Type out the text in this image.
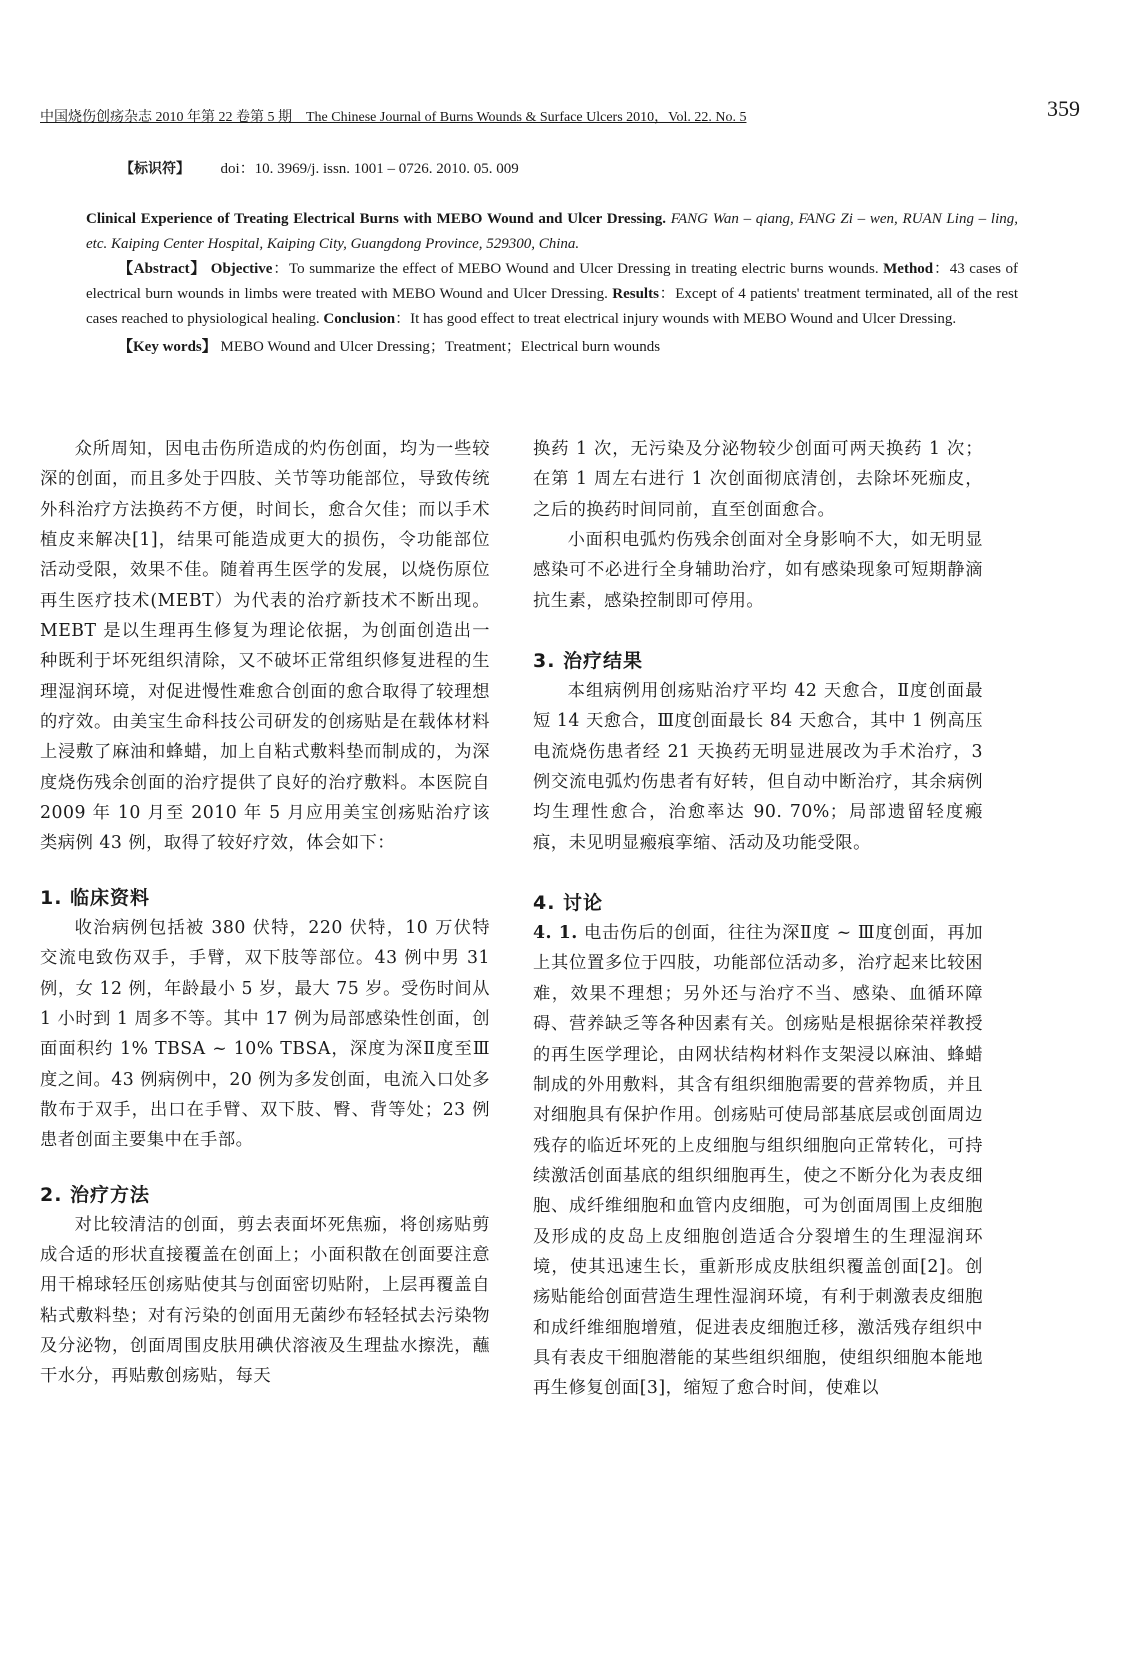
中国烧伤创疡杂志 2010 年第 22 卷第 5 期　The Chinese Journal of Burns Wounds & Surface Ulcers 2010，Vol. 22. No. 5	359
【标识符】 doi：10. 3969/j. issn. 1001 – 0726. 2010. 05. 009

Clinical Experience of Treating Electrical Burns with MEBO Wound and Ulcer Dressing. FANG Wan – qiang, FANG Zi – wen, RUAN Ling – ling, etc. Kaiping Center Hospital, Kaiping City, Guangdong Province, 529300, China.

【Abstract】 Objective：To summarize the effect of MEBO Wound and Ulcer Dressing in treating electric burns wounds. Method：43 cases of electrical burn wounds in limbs were treated with MEBO Wound and Ulcer Dressing. Results：Except of 4 patients' treatment terminated, all of the rest cases reached to physiological healing. Conclusion：It has good effect to treat electrical injury wounds with MEBO Wound and Ulcer Dressing.

【Key words】 MEBO Wound and Ulcer Dressing；Treatment；Electrical burn wounds

众所周知，因电击伤所造成的灼伤创面，均为一些较深的创面，而且多处于四肢、关节等功能部位，导致传统外科治疗方法换药不方便，时间长，愈合欠佳；而以手术植皮来解决[1]，结果可能造成更大的损伤，令功能部位活动受限，效果不佳。随着再生医学的发展，以烧伤原位再生医疗技术(MEBT）为代表的治疗新技术不断出现。MEBT 是以生理再生修复为理论依据，为创面创造出一种既利于坏死组织清除，又不破坏正常组织修复进程的生理湿润环境，对促进慢性难愈合创面的愈合取得了较理想的疗效。由美宝生命科技公司研发的创疡贴是在载体材料上浸敷了麻油和蜂蜡，加上自粘式敷料垫而制成的，为深度烧伤残余创面的治疗提供了良好的治疗敷料。本医院自 2009 年 10 月至 2010 年 5 月应用美宝创疡贴治疗该类病例 43 例，取得了较好疗效，体会如下：

1. 临床资料

收治病例包括被 380 伏特，220 伏特，10 万伏特交流电致伤双手，手臂，双下肢等部位。43 例中男 31 例，女 12 例，年龄最小 5 岁，最大 75 岁。受伤时间从 1 小时到 1 周多不等。其中 17 例为局部感染性创面，创面面积约 1% TBSA ~ 10% TBSA，深度为深Ⅱ度至Ⅲ度之间。43 例病例中，20 例为多发创面，电流入口处多散布于双手，出口在手臂、双下肢、臀、背等处；23 例患者创面主要集中在手部。

2. 治疗方法

对比较清洁的创面，剪去表面坏死焦痂，将创疡贴剪成合适的形状直接覆盖在创面上；小面积散在创面要注意用干棉球轻压创疡贴使其与创面密切贴附，上层再覆盖自粘式敷料垫；对有污染的创面用无菌纱布轻轻拭去污染物及分泌物，创面周围皮肤用碘伏溶液及生理盐水擦洗，蘸干水分，再贴敷创疡贴，每天

换药 1 次，无污染及分泌物较少创面可两天换药 1 次；在第 1 周左右进行 1 次创面彻底清创，去除坏死痂皮，之后的换药时间同前，直至创面愈合。

小面积电弧灼伤残余创面对全身影响不大，如无明显感染可不必进行全身辅助治疗，如有感染现象可短期静滴抗生素，感染控制即可停用。

3. 治疗结果

本组病例用创疡贴治疗平均 42 天愈合，Ⅱ度创面最短 14 天愈合，Ⅲ度创面最长 84 天愈合，其中 1 例高压电流烧伤患者经 21 天换药无明显进展改为手术治疗，3 例交流电弧灼伤患者有好转，但自动中断治疗，其余病例均生理性愈合，治愈率达 90. 70%；局部遗留轻度瘢痕，未见明显瘢痕挛缩、活动及功能受限。

4. 讨论

4. 1. 电击伤后的创面，往往为深Ⅱ度 ~ Ⅲ度创面，再加上其位置多位于四肢，功能部位活动多，治疗起来比较困难，效果不理想；另外还与治疗不当、感染、血循环障碍、营养缺乏等各种因素有关。创疡贴是根据徐荣祥教授的再生医学理论，由网状结构材料作支架浸以麻油、蜂蜡制成的外用敷料，其含有组织细胞需要的营养物质，并且对细胞具有保护作用。创疡贴可使局部基底层或创面周边残存的临近坏死的上皮细胞与组织细胞向正常转化，可持续激活创面基底的组织细胞再生，使之不断分化为表皮细胞、成纤维细胞和血管内皮细胞，可为创面周围上皮细胞及形成的皮岛上皮细胞创造适合分裂增生的生理湿润环境，使其迅速生长，重新形成皮肤组织覆盖创面[2]。创疡贴能给创面营造生理性湿润环境，有利于刺激表皮细胞和成纤维细胞增殖，促进表皮细胞迁移，激活残存组织中具有表皮干细胞潜能的某些组织细胞，使组织细胞本能地再生修复创面[3]，缩短了愈合时间，使难以
